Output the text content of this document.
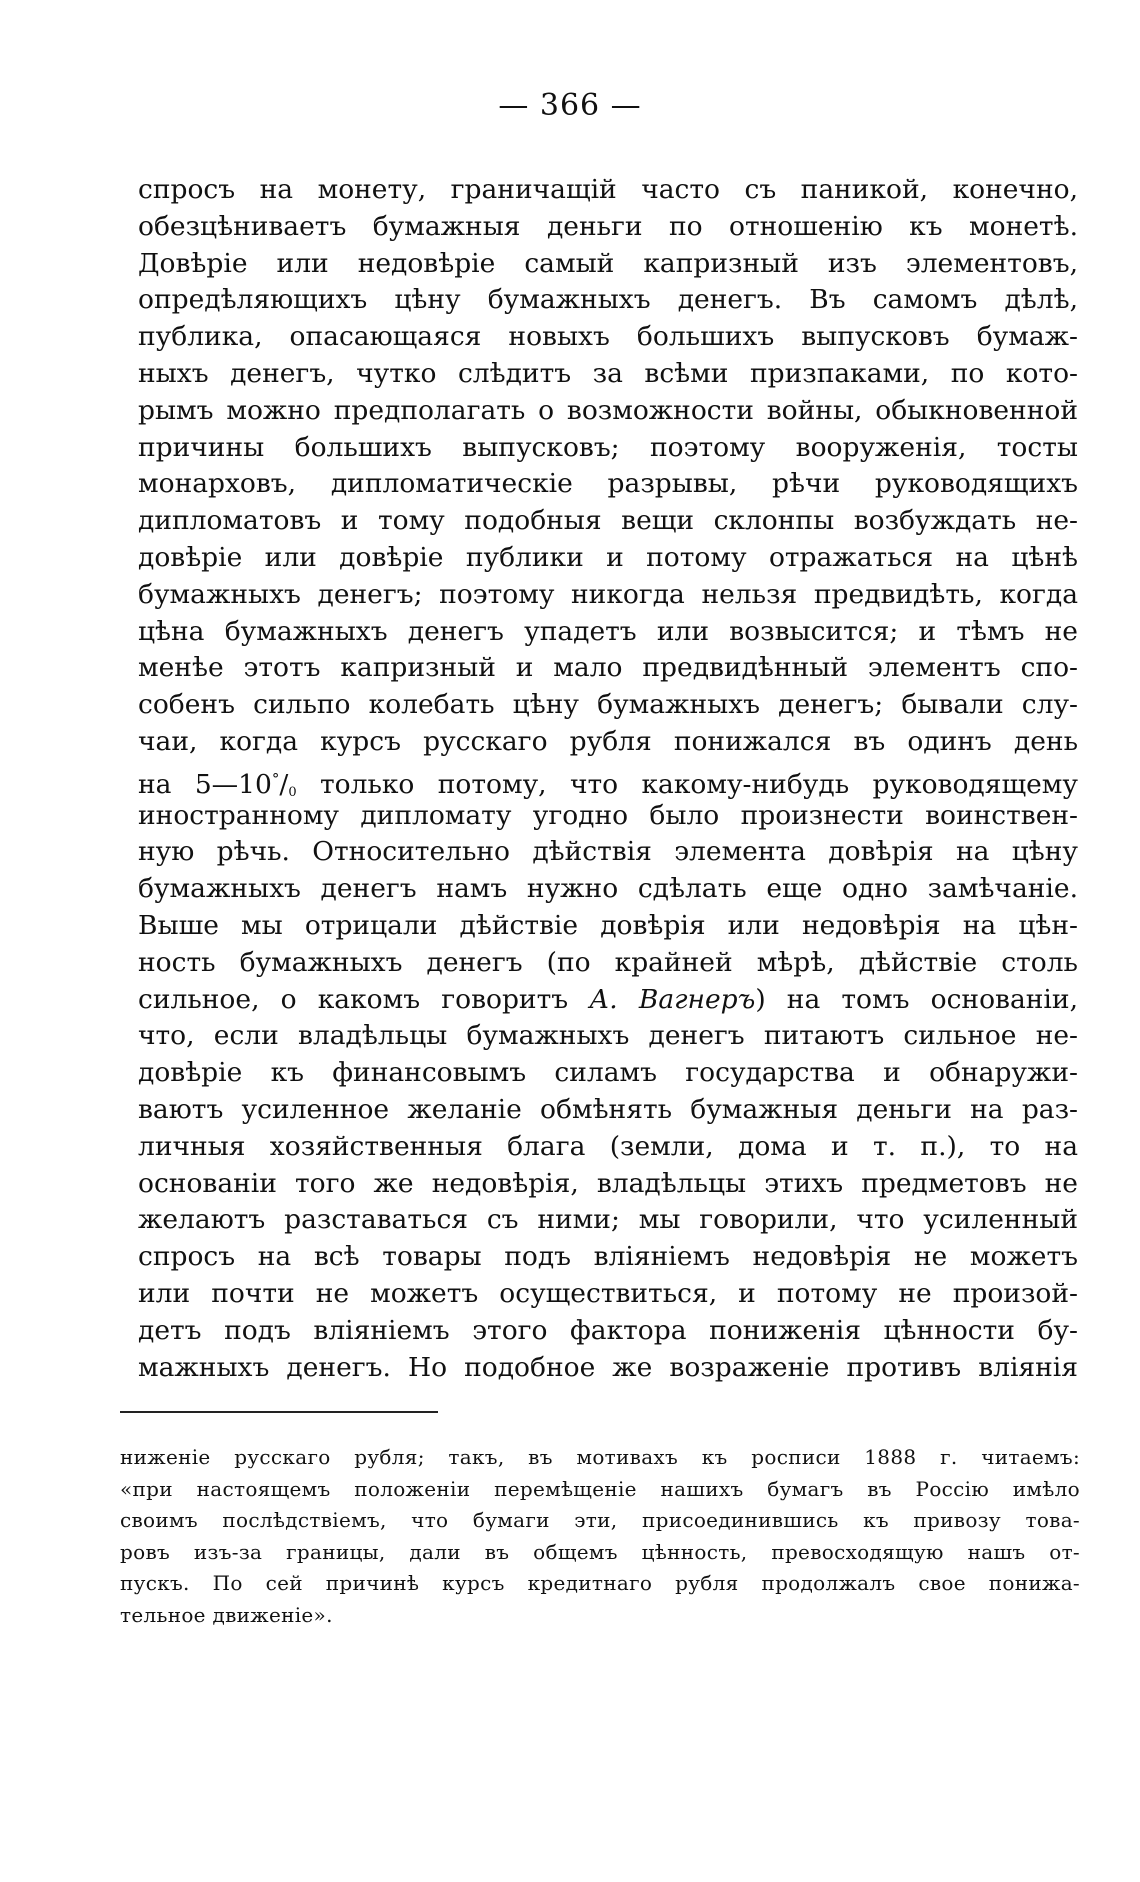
— 366 —
спросъ на монету, граничащій часто съ паникой, конечно,
обезцѣниваетъ бумажныя деньги по отношенію къ монетѣ.
Довѣріе или недовѣріе самый капризный изъ элементовъ,
опредѣляющихъ цѣну бумажныхъ денегъ. Въ самомъ дѣлѣ,
публика, опасающаяся новыхъ большихъ выпусковъ бумаж-
ныхъ денегъ, чутко слѣдитъ за всѣми призпаками, по кото-
рымъ можно предполагать о возможности войны, обыкновенной
причины большихъ выпусковъ; поэтому вооруженія, тосты
монарховъ, дипломатическіе разрывы, рѣчи руководящихъ
дипломатовъ и тому подобныя вещи склонпы возбуждать не-
довѣріе или довѣріе публики и потому отражаться на цѣнѣ
бумажныхъ денегъ; поэтому никогда нельзя предвидѣть, когда
цѣна бумажныхъ денегъ упадетъ или возвысится; и тѣмъ не
менѣе этотъ капризный и мало предвидѣнный элементъ спо-
собенъ сильпо колебать цѣну бумажныхъ денегъ; бывали слу-
чаи, когда курсъ русскаго рубля понижался въ одинъ день
на $5—10^\circ/_0$ только потому, что какому-нибудь руководящему
иностранному дипломату угодно было произнести воинствен-
ную рѣчь. Относительно дѣйствія элемента довѣрія на цѣну
бумажныхъ денегъ намъ нужно сдѣлать еще одно замѣчаніе.
Выше мы отрицали дѣйствіе довѣрія или недовѣрія на цѣн-
ность бумажныхъ денегъ (по крайней мѣрѣ, дѣйствіе столь
сильное, о какомъ говоритъ А. Вагнеръ) на томъ основаніи,
что, если владѣльцы бумажныхъ денегъ питаютъ сильное не-
довѣріе къ финансовымъ силамъ государства и обнаружи-
ваютъ усиленное желаніе обмѣнять бумажныя деньги на раз-
личныя хозяйственныя блага (земли, дома и т. п.), то на
основаніи того же недовѣрія, владѣльцы этихъ предметовъ не
желаютъ разставаться съ ними; мы говорили, что усиленный
спросъ на всѣ товары подъ вліяніемъ недовѣрія не можетъ
или почти не можетъ осуществиться, и потому не произой-
детъ подъ вліяніемъ этого фактора пониженія цѣнности бу-
мажныхъ денегъ. Но подобное же возраженіе противъ вліянія
ниженіе русскаго рубля; такъ, въ мотивахъ къ росписи 1888 г. читаемъ:
«при настоящемъ положеніи перемѣщеніе нашихъ бумагъ въ Россію имѣло
своимъ послѣдствіемъ, что бумаги эти, присоединившись къ привозу това-
ровъ изъ-за границы, дали въ общемъ цѣнность, превосходящую нашъ от-
пускъ. По сей причинѣ курсъ кредитнаго рубля продолжалъ свое понижа-
тельное движеніе».
